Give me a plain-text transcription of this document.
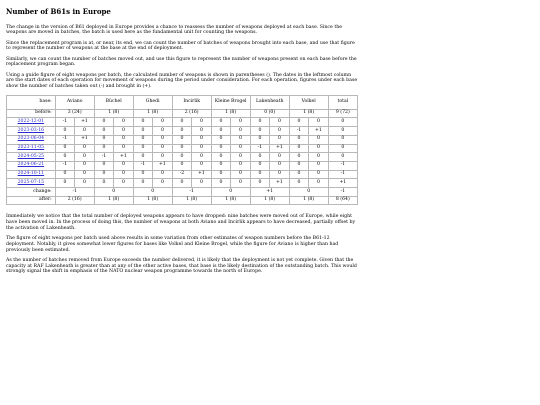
Number of B61s in Europe

The change in the version of B61 deployed in Europe provides a chance to reassess the number of weapons deployed at each base. Since the weapons are moved in batches, the batch is used here as the fundamental unit for counting the weapons.

Since the replacement program is at, or near, its end, we can count the number of batches of weapons brought into each base, and use that figure to represent the number of weapons at the base at the end of deployment.

Similarly, we can count the number of batches moved out, and use this figure to represent the number of weapons present on each base before the replacement program began.

Using a guide figure of eight weapons per batch, the calculated number of weapons is shown in parentheses (). The dates in the leftmost column are the start dates of each operation for movement of weapons during the period under consideration. For each operation, figures under each base show the number of batches taken out (-) and brought in (+).

base:	Aviano		Büchel		Ghedi		Incirlik		Kleine Brogel		Lakenheath		Volkel		total
before:	3 (24)		1 (8)		1 (8)		2 (16)		1 (8)		0 (0)		1 (8)		9 (72)
2022-12-01	-1	+1	0	0	0	0	0	0	0	0	0	0	0	0	0
2023-03-16	0	0	0	0	0	0	0	0	0	0	0	0	-1	+1	0
2023-06-04	-1	+1	0	0	0	0	0	0	0	0	0	0	0	0	0
2023-11-05	0	0	0	0	0	0	0	0	0	0	-1	+1	0	0	0
2024-05-25	0	0	-1	+1	0	0	0	0	0	0	0	0	0	0	0
2024-06-21	-1	0	0	0	-1	+1	0	0	0	0	0	0	0	0	-1
2024-10-11	0	0	0	0	0	0	-2	+1	0	0	0	0	0	0	-1
2025-07-15	0	0	0	0	0	0	0	0	0	0	0	+1	0	0	+1
change:	-1		0		0		-1		0		+1		0		-1
after:	2 (16)		1 (8)		1 (8)		1 (8)		1 (8)		1 (8)		1 (8)		8 (64)

Immediately we notice that the total number of deployed weapons appears to have dropped: nine batches were moved out of Europe, while eight have been moved in. In the process of doing this, the number of weapons at both Aviano and Incirlik appears to have decreased, partially offset by the activation of Lakenheath.

The figure of eight weapons per batch used above results in some variation from other estimates of weapon numbers before the B61-12 deployment. Notably, it gives somewhat lower figures for bases like Volkel and Kleine Brogel, while the figure for Aviano is higher than had previously been estimated.

As the number of batches removed from Europe exceeds the number delivered, it is likely that the deployment is not yet complete. Given that the capacity at RAF Lakenheath is greater than at any of the other active bases, that base is the likely destination of the outstanding batch. This would strongly signal the shift in emphasis of the NATO nuclear weapon programme towards the north of Europe.
